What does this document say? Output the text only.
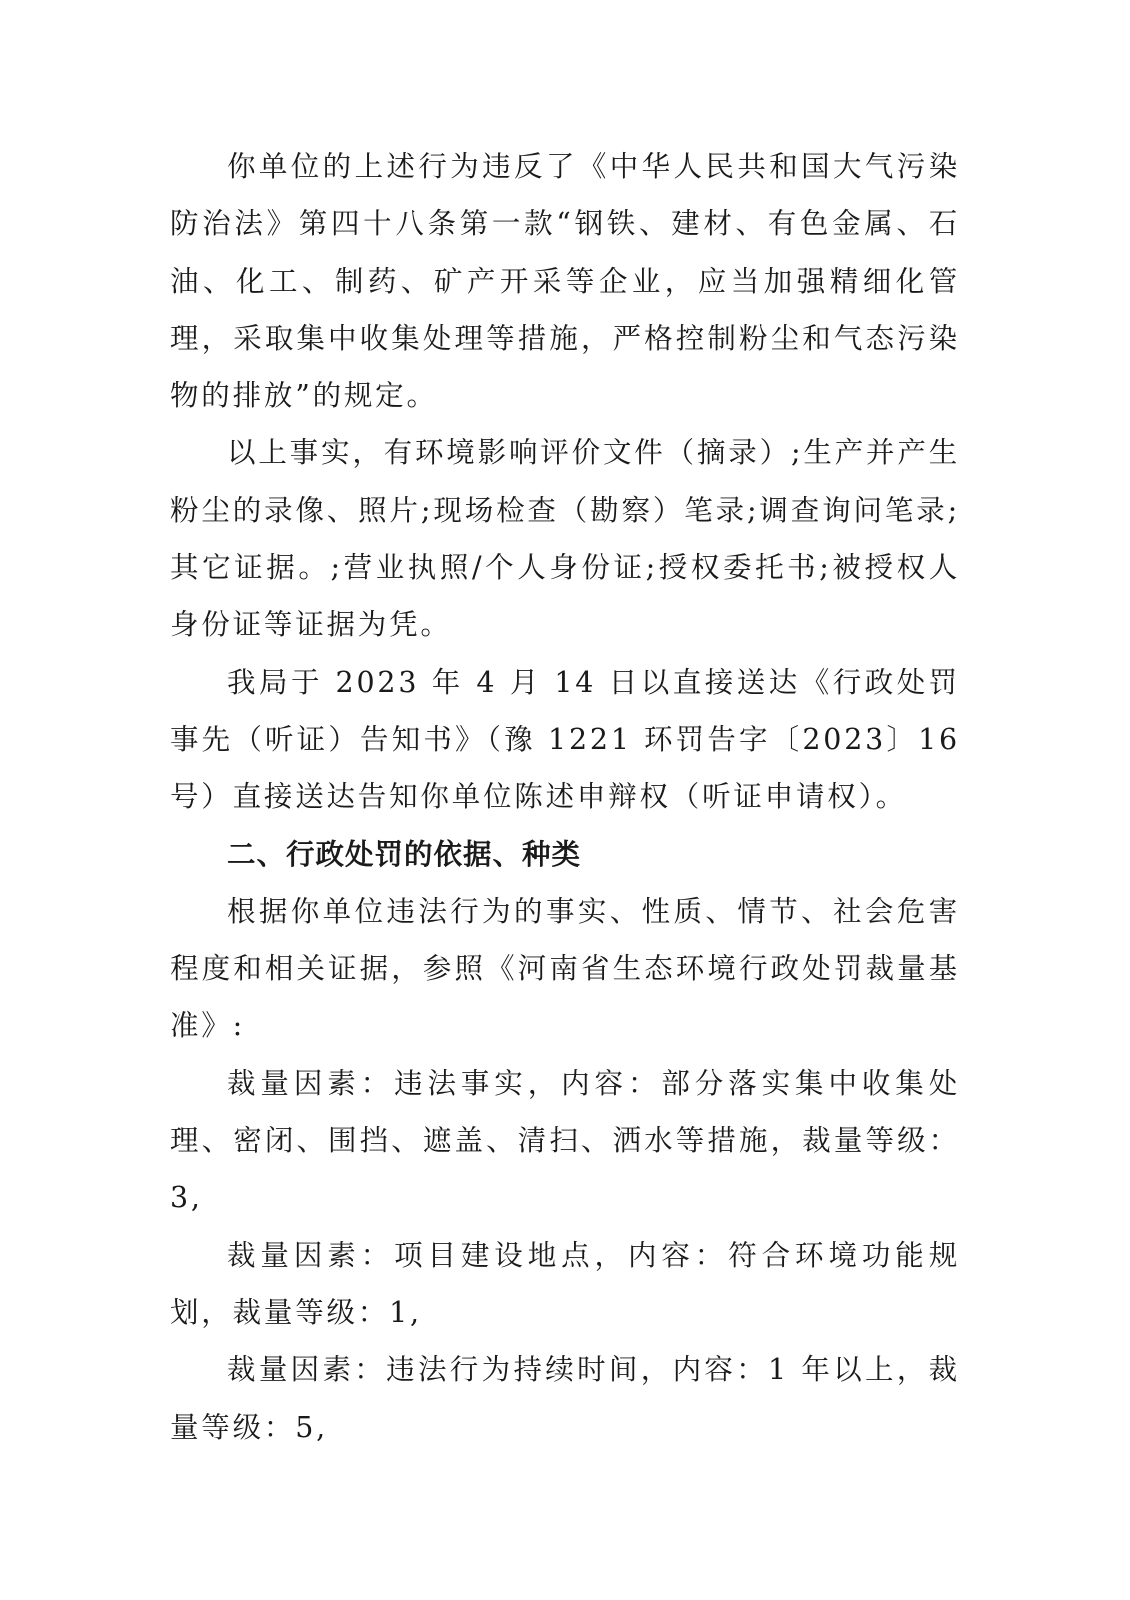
你单位的上述行为违反了《中华人民共和国大气污染防治法》第四十八条第一款“钢铁、建材、有色金属、石油、化工、制药、矿产开采等企业，应当加强精细化管理，采取集中收集处理等措施，严格控制粉尘和气态污染物的排放”的规定。

以上事实，有环境影响评价文件（摘录）;生产并产生粉尘的录像、照片;现场检查（勘察）笔录;调查询问笔录;其它证据。;营业执照/个人身份证;授权委托书;被授权人身份证等证据为凭。

我局于 2023 年 4 月 14 日以直接送达《行政处罚事先（听证）告知书》（豫 1221 环罚告字〔2023〕16 号）直接送达告知你单位陈述申辩权（听证申请权）。

二、行政处罚的依据、种类

根据你单位违法行为的事实、性质、情节、社会危害程度和相关证据，参照《河南省生态环境行政处罚裁量基准》:

裁量因素：违法事实，内容：部分落实集中收集处理、密闭、围挡、遮盖、清扫、洒水等措施，裁量等级：3,

裁量因素：项目建设地点，内容：符合环境功能规划，裁量等级：1,

裁量因素：违法行为持续时间，内容：1 年以上，裁量等级：5,
